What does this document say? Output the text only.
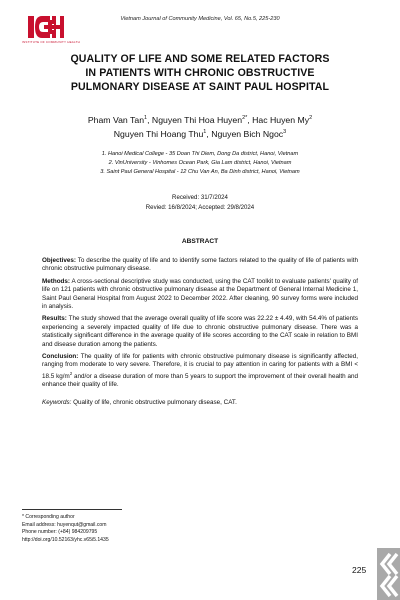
INSTITUTE OF COMMUNITY HEALTH
Vietnam Journal of Community Medicine, Vol. 65, No.5, 225-230
QUALITY OF LIFE AND SOME RELATED FACTORS
IN PATIENTS WITH CHRONIC OBSTRUCTIVE
PULMONARY DISEASE AT SAINT PAUL HOSPITAL
Pham Van Tan$^1$, Nguyen Thi Hoa Huyen$^{2*}$, Hac Huyen My$^2$
Nguyen Thi Hoang Thu$^1$, Nguyen Bich Ngoc$^3$
1. Hanoi Medical College - 35 Doan Thi Diem, Dong Da district, Hanoi, Vietnam
2. VinUniversity - Vinhomes Ocean Park, Gia Lam district, Hanoi, Vietnam
3. Saint Paul General Hospital - 12 Chu Van An, Ba Dinh district, Hanoi, Vietnam
Received: 31/7/2024
Revied: 16/8/2024; Accepted: 29/8/2024
ABSTRACT

Objectives: To describe the quality of life and to identify some factors related to the quality of life of patients with chronic obstructive pulmonary disease.

Methods: A cross-sectional descriptive study was conducted, using the CAT toolkit to evaluate patients' quality of life on 121 patients with chronic obstructive pulmonary disease at the Department of General Internal Medicine 1, Saint Paul General Hospital from August 2022 to December 2022. After cleaning, 90 survey forms were included in analysis.

Results: The study showed that the average overall quality of life score was 22.22 ± 4.49, with 54.4% of patients experiencing a severely impacted quality of life due to chronic obstructive pulmonary disease. There was a statistically significant difference in the average quality of life scores according to the CAT scale in relation to BMI and disease duration among the patients.

Conclusion: The quality of life for patients with chronic obstructive pulmonary disease is significantly affected, ranging from moderate to very severe. Therefore, it is crucial to pay attention in caring for patients with a BMI < 18.5 $kg/m^2$ and/or a disease duration of more than 5 years to support the improvement of their overall health and enhance their quality of life.

Keywords: Quality of life, chronic obstructive pulmonary disease, CAT.

* Corresponding author
Email address: huyenqut@gmail.com
Phone number: (+84) 984209795
http://doi.org/10.52163/yhc.v65i5.1435
225
